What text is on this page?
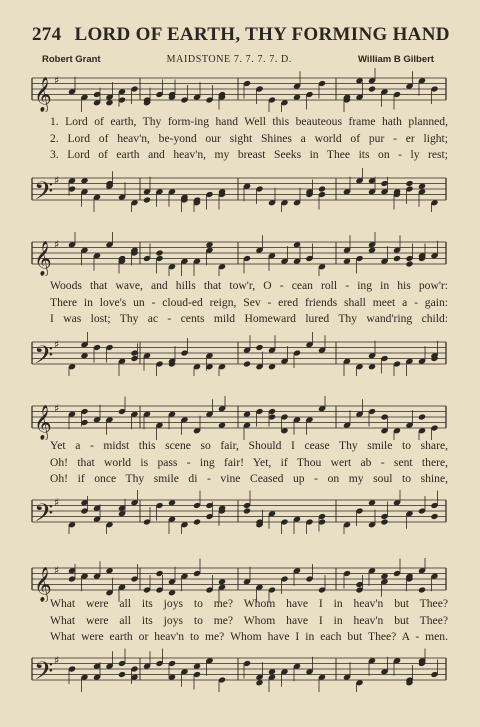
274 LORD OF EARTH, THY FORMING HAND
Robert Grant	MAIDSTONE 7. 7. 7. 7. D.	William B Gilbert
𝄞 ♯
1. Lord of earth, Thy form-ing hand Well this beauteous frame hath planned,
2. Lord of heav'n, be-yond our sight Shines a world of pur - er light;
3. Lord of earth and heav'n, my breast Seeks in Thee its on - ly rest;
𝄢 ♯
𝄞 ♯
Woods that wave, and hills that tow'r, O - cean roll - ing in his pow'r:
There in love's un - cloud-ed reign, Sev - ered friends shall meet a - gain:
I was lost; Thy ac - cents mild Homeward lured Thy wand'ring child:
𝄢 ♯
𝄞 ♯
Yet a - midst this scene so fair, Should I cease Thy smile to share,
Oh! that world is pass - ing fair! Yet, if Thou wert ab - sent there,
Oh! if once Thy smile di - vine Ceased up - on my soul to shine,
𝄢 ♯
𝄞 ♯
What were all its joys to me? Whom have I in heav'n but Thee?
What were all its joys to me? Whom have I in heav'n but Thee?
What were earth or heav'n to me? Whom have I in each but Thee? A - men.
𝄢 ♯
